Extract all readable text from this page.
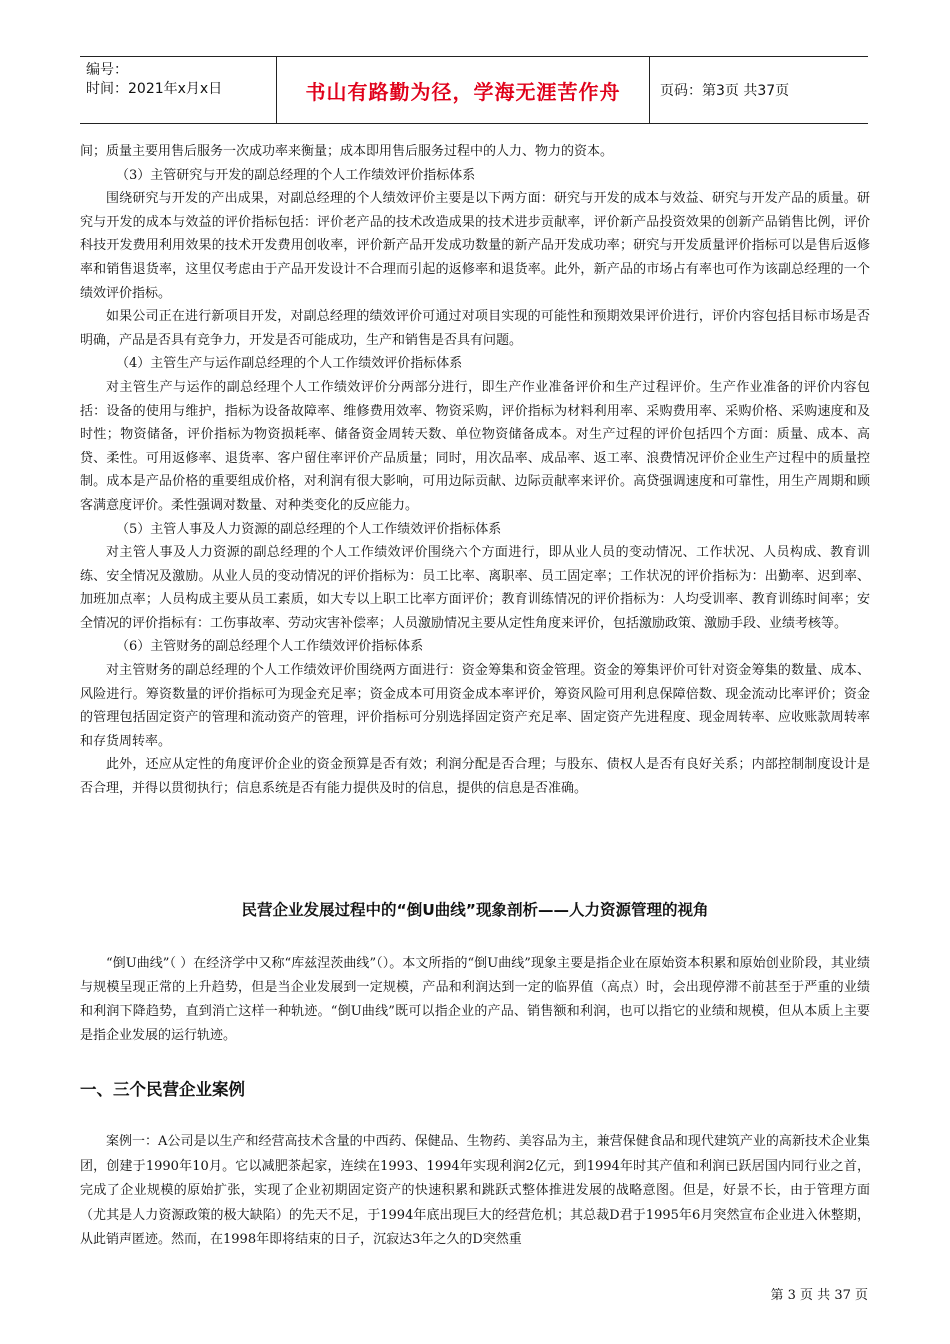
编号：
时间：2021年x月x日	书山有路勤为径，学海无涯苦作舟	页码：第3页 共37页

间；质量主要用售后服务一次成功率来衡量；成本即用售后服务过程中的人力、物力的资本。

（3）主管研究与开发的副总经理的个人工作绩效评价指标体系

围绕研究与开发的产出成果，对副总经理的个人绩效评价主要是以下两方面：研究与开发的成本与效益、研究与开发产品的质量。研究与开发的成本与效益的评价指标包括：评价老产品的技术改造成果的技术进步贡献率，评价新产品投资效果的创新产品销售比例，评价科技开发费用利用效果的技术开发费用创收率，评价新产品开发成功数量的新产品开发成功率；研究与开发质量评价指标可以是售后返修率和销售退货率，这里仅考虑由于产品开发设计不合理而引起的返修率和退货率。此外，新产品的市场占有率也可作为该副总经理的一个绩效评价指标。

如果公司正在进行新项目开发，对副总经理的绩效评价可通过对项目实现的可能性和预期效果评价进行，评价内容包括目标市场是否明确，产品是否具有竞争力，开发是否可能成功，生产和销售是否具有问题。

（4）主管生产与运作副总经理的个人工作绩效评价指标体系

对主管生产与运作的副总经理个人工作绩效评价分两部分进行，即生产作业准备评价和生产过程评价。生产作业准备的评价内容包括：设备的使用与维护，指标为设备故障率、维修费用效率、物资采购，评价指标为材料利用率、采购费用率、采购价格、采购速度和及时性；物资储备，评价指标为物资损耗率、储备资金周转天数、单位物资储备成本。对生产过程的评价包括四个方面：质量、成本、高贷、柔性。可用返修率、退货率、客户留住率评价产品质量；同时，用次品率、成品率、返工率、浪费情况评价企业生产过程中的质量控制。成本是产品价格的重要组成价格，对利润有很大影响，可用边际贡献、边际贡献率来评价。高贷强调速度和可靠性，用生产周期和顾客满意度评价。柔性强调对数量、对种类变化的反应能力。

（5）主管人事及人力资源的副总经理的个人工作绩效评价指标体系

对主管人事及人力资源的副总经理的个人工作绩效评价围绕六个方面进行，即从业人员的变动情况、工作状况、人员构成、教育训练、安全情况及激励。从业人员的变动情况的评价指标为：员工比率、离职率、员工固定率；工作状况的评价指标为：出勤率、迟到率、加班加点率；人员构成主要从员工素质，如大专以上职工比率方面评价；教育训练情况的评价指标为：人均受训率、教育训练时间率；安全情况的评价指标有：工伤事故率、劳动灾害补偿率；人员激励情况主要从定性角度来评价，包括激励政策、激励手段、业绩考核等。

（6）主管财务的副总经理个人工作绩效评价指标体系

对主管财务的副总经理的个人工作绩效评价围绕两方面进行：资金筹集和资金管理。资金的筹集评价可针对资金筹集的数量、成本、风险进行。筹资数量的评价指标可为现金充足率；资金成本可用资金成本率评价，筹资风险可用利息保障倍数、现金流动比率评价；资金的管理包括固定资产的管理和流动资产的管理，评价指标可分别选择固定资产充足率、固定资产先进程度、现金周转率、应收账款周转率和存货周转率。

此外，还应从定性的角度评价企业的资金预算是否有效；利润分配是否合理；与股东、债权人是否有良好关系；内部控制制度设计是否合理，并得以贯彻执行；信息系统是否有能力提供及时的信息，提供的信息是否准确。

民营企业发展过程中的“倒U曲线”现象剖析——人力资源管理的视角

“倒U曲线”（ ）在经济学中又称“库兹涅茨曲线”（）。本文所指的“倒U曲线”现象主要是指企业在原始资本积累和原始创业阶段，其业绩与规模呈现正常的上升趋势，但是当企业发展到一定规模，产品和利润达到一定的临界值（高点）时，会出现停滞不前甚至于严重的业绩和利润下降趋势，直到消亡这样一种轨迹。“倒U曲线”既可以指企业的产品、销售额和利润，也可以指它的业绩和规模，但从本质上主要是指企业发展的运行轨迹。

一、三个民营企业案例

案例一：A公司是以生产和经营高技术含量的中西药、保健品、生物药、美容品为主，兼营保健食品和现代建筑产业的高新技术企业集团，创建于1990年10月。它以减肥茶起家，连续在1993、1994年实现利润2亿元，到1994年时其产值和利润已跃居国内同行业之首，完成了企业规模的原始扩张，实现了企业初期固定资产的快速积累和跳跃式整体推进发展的战略意图。但是，好景不长，由于管理方面（尤其是人力资源政策的极大缺陷）的先天不足，于1994年底出现巨大的经营危机；其总裁D君于1995年6月突然宣布企业进入休整期，从此销声匿迹。然而，在1998年即将结束的日子，沉寂达3年之久的D突然重

第 3 页 共 37 页
